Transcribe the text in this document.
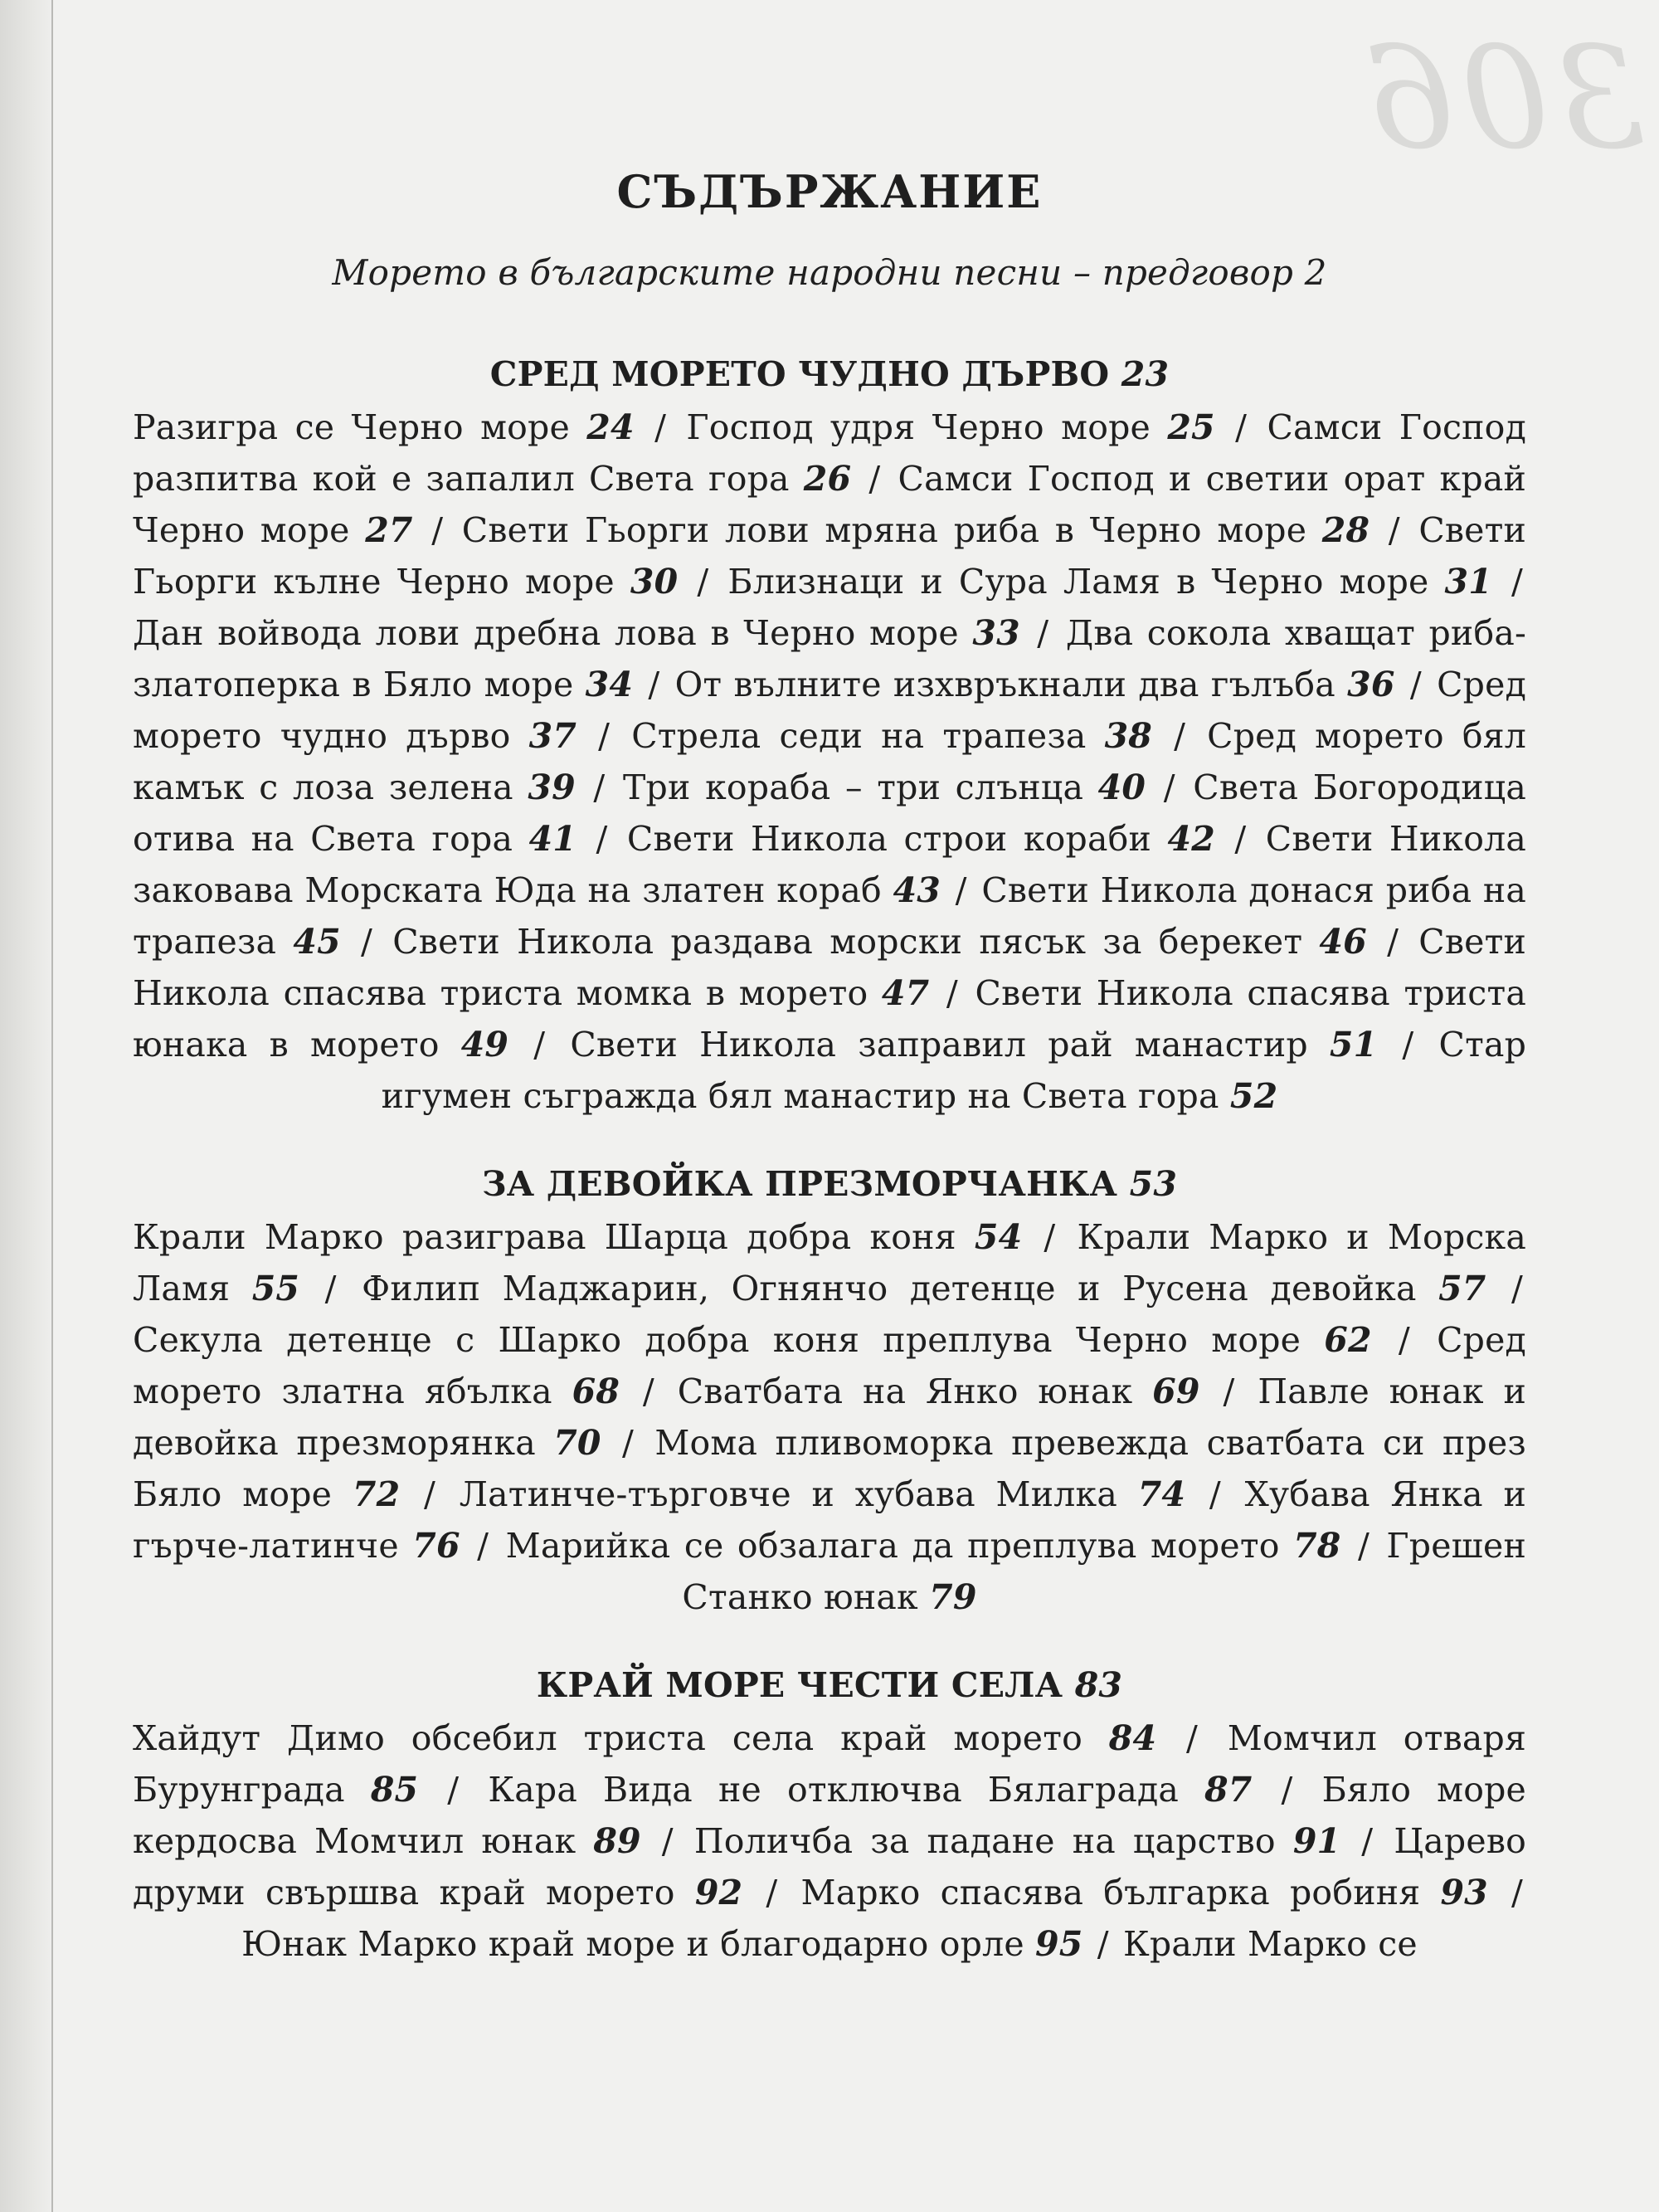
306
СЪДЪРЖАНИЕ
Морето в българските народни песни – предговор 2
СРЕД МОРЕТО ЧУДНО ДЪРВО 23
Разигра се Черно море 24 / Господ удря Черно море 25 / Самси Господ разпитва кой е запалил Света гора 26 / Самси Господ и светии орат край Черно море 27 / Свети Гьорги лови мряна риба в Черно море 28 / Свети Гьорги кълне Черно море 30 / Близнаци и Сура Ламя в Черно море 31 / Дан войвода лови дребна лова в Черно море 33 / Два сокола хващат риба-златоперка в Бяло море 34 / От вълните изхвръкнали два гълъба 36 / Сред морето чудно дърво 37 / Стрела седи на трапеза 38 / Сред морето бял камък с лоза зелена 39 / Три кораба – три слънца 40 / Света Богородица отива на Света гора 41 / Свети Никола строи кораби 42 / Свети Никола заковава Морската Юда на златен кораб 43 / Свети Никола донася риба на трапеза 45 / Свети Никола раздава морски пясък за берекет 46 / Свети Никола спасява триста момка в морето 47 / Свети Никола спасява триста юнака в морето 49 / Свети Никола заправил рай манастир 51 / Стар игумен съгражда бял манастир на Света гора 52
ЗА ДЕВОЙКА ПРЕЗМОРЧАНКА 53
Крали Марко разиграва Шарца добра коня 54 / Крали Марко и Морска Ламя 55 / Филип Маджарин, Огнянчо детенце и Русена девойка 57 / Секула детенце с Шарко добра коня преплува Черно море 62 / Сред морето златна ябълка 68 / Сватбата на Янко юнак 69 / Павле юнак и девойка презморянка 70 / Мома пливоморка превежда сватбата си през Бяло море 72 / Латинче-търговче и хубава Милка 74 / Хубава Янка и гърче-латинче 76 / Марийка се обзалага да преплува морето 78 / Грешен Станко юнак 79
КРАЙ МОРЕ ЧЕСТИ СЕЛА 83
Хайдут Димо обсебил триста села край морето 84 / Момчил отваря Бурунграда 85 / Кара Вида не отключва Бялаграда 87 / Бяло море кердосва Момчил юнак 89 / Поличба за падане на царство 91 / Царево друми свършва край морето 92 / Марко спасява българка робиня 93 / Юнак Марко край море и благодарно орле 95 / Крали Марко се
